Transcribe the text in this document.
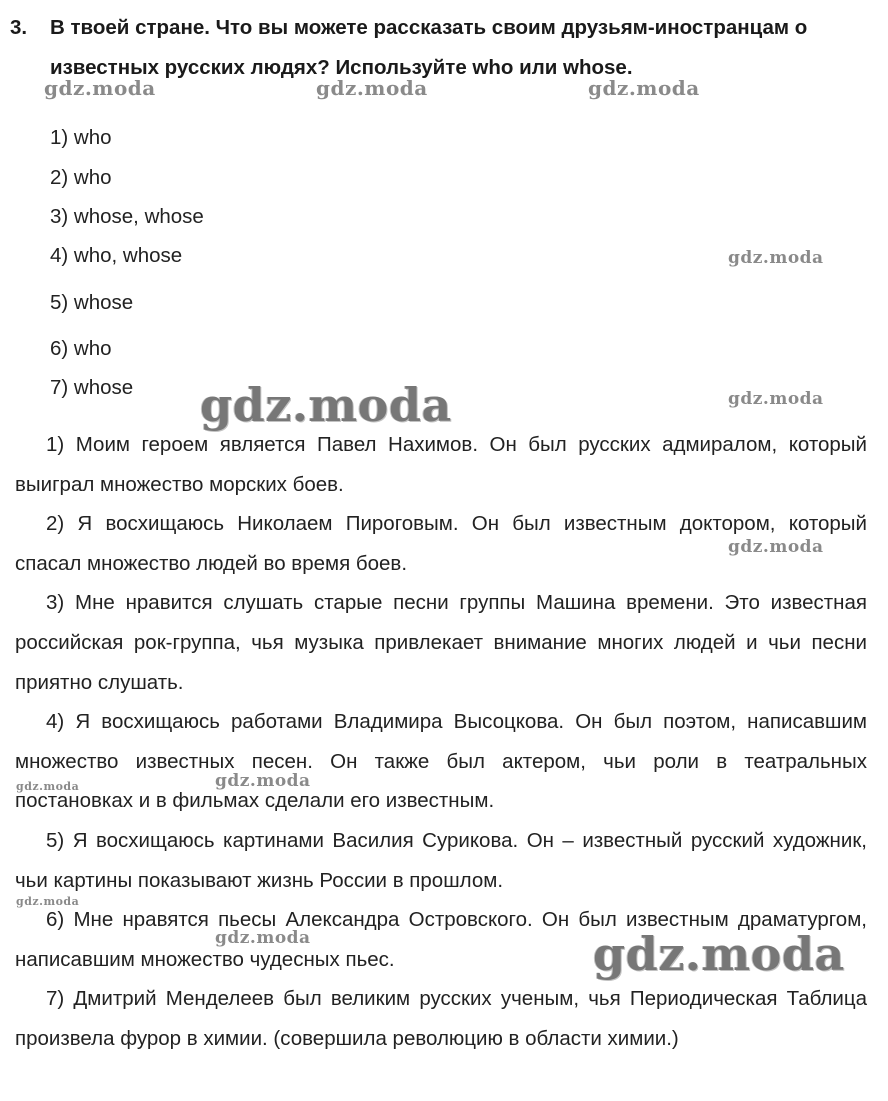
3. В твоей стране. Что вы можете рассказать своим друзьям-иностранцам о известных русских людях? Используйте who или whose.
1) who
2) who
3) whose, whose
4) who, whose
5) whose
6) who
7) whose

1) Моим героем является Павел Нахимов. Он был русских адмиралом, который выиграл множество морских боев.

2) Я восхищаюсь Николаем Пироговым. Он был известным доктором, который спасал множество людей во время боев.

3) Мне нравится слушать старые песни группы Машина времени. Это известная российская рок-группа, чья музыка привлекает внимание многих людей и чьи песни приятно слушать.

4) Я восхищаюсь работами Владимира Высоцкова. Он был поэтом, написавшим множество известных песен. Он также был актером, чьи роли в театральных постановках и в фильмах сделали его известным.

5) Я восхищаюсь картинами Василия Сурикова. Он – известный русский художник, чьи картины показывают жизнь России в прошлом.

6) Мне нравятся пьесы Александра Островского. Он был известным драматургом, написавшим множество чудесных пьес.

7) Дмитрий Менделеев был великим русских ученым, чья Периодическая Таблица произвела фурор в химии. (совершила революцию в области химии.)

gdz.moda	gdz.moda	gdz.moda
gdz.moda
gdz.moda
gdz.moda
gdz.moda
gdz.moda	gdz.moda
gdz.moda
gdz.moda	gdz.moda
